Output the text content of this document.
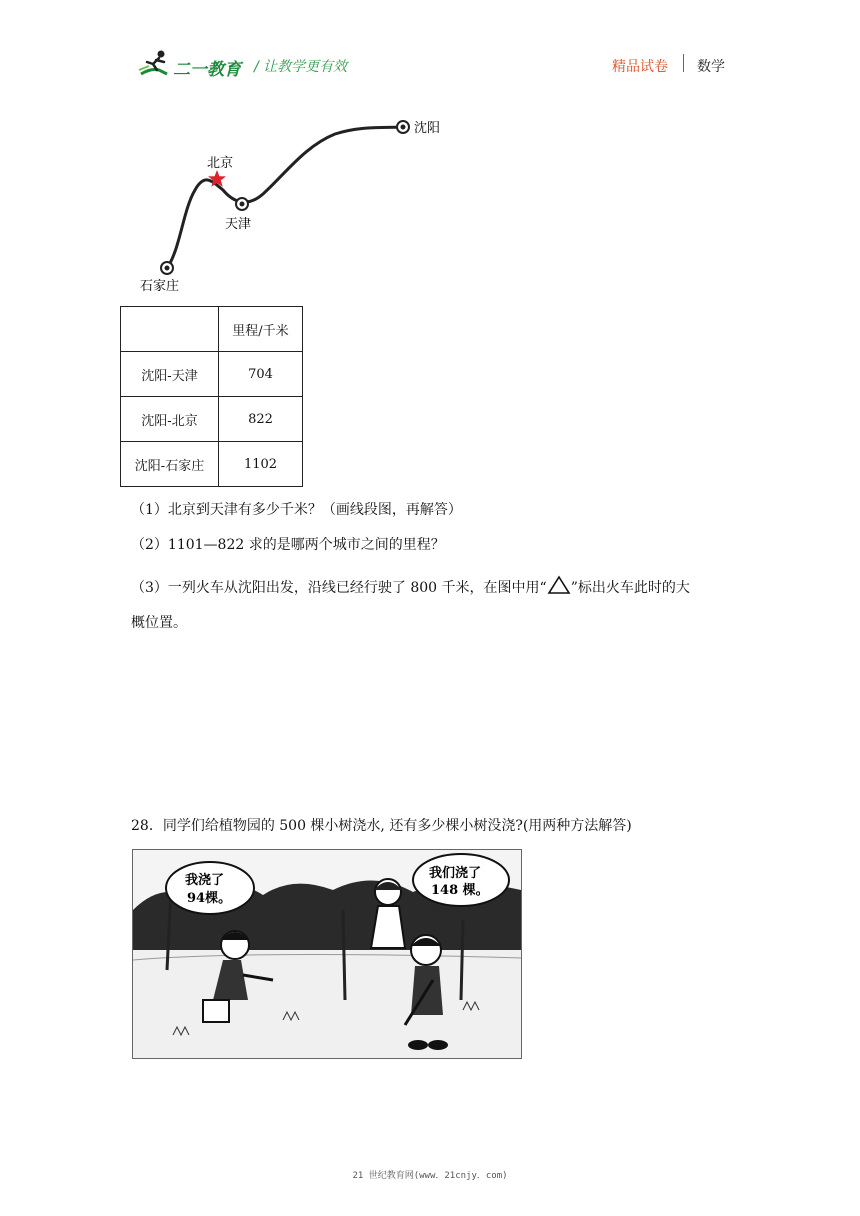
二一教育 / 让教学更有效	精品试卷 数学
沈阳
北京
天津
石家庄
	里程/千米
沈阳-天津	704
沈阳-北京	822
沈阳-石家庄	1102
（1）北京到天津有多少千米？（画线段图，再解答）
（2）1101—822 求的是哪两个城市之间的里程？
（3）一列火车从沈阳出发，沿线已经行驶了 800 千米，在图中用“ ”标出火车此时的大
概位置。
28．同学们给植物园的 500 棵小树浇水, 还有多少棵小树没浇?(用两种方法解答)
我浇了
94棵。
我们浇了
148 棵。
21 世纪教育网(www．21cnjy．com)
